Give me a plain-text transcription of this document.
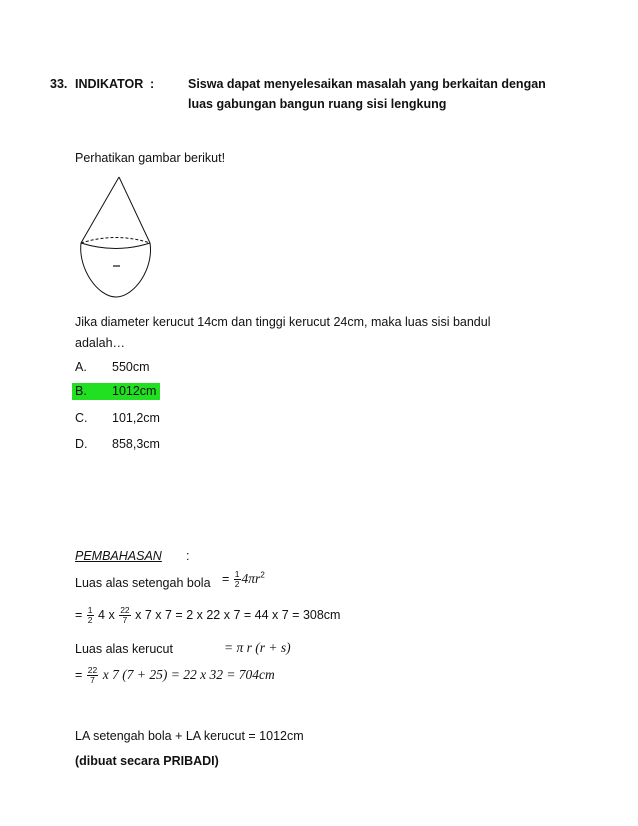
33. INDIKATOR :	Siswa dapat menyelesaikan masalah yang berkaitan dengan
luas gabungan bangun ruang sisi lengkung
Perhatikan gambar berikut!
Jika diameter kerucut 14cm dan tinggi kerucut 24cm, maka luas sisi bandul
adalah…
A. 550cm
B. 1012cm
C. 101,2cm
D. 858,3cm
PEMBAHASAN :
Luas alas setengah bola = $\frac{1}{2} 4\pi r^2$
= $\frac{1}{2} 4$ x $\frac{22}{7}$ x 7 x 7 = 2 x 22 x 7 = 44 x 7 = 308cm
Luas alas kerucut	= π r (r + s)
= $\frac{22}{7}$ x 7 (7 + 25) = 22 x 32 = 704cm
LA setengah bola + LA kerucut = 1012cm
(dibuat secara PRIBADI)
